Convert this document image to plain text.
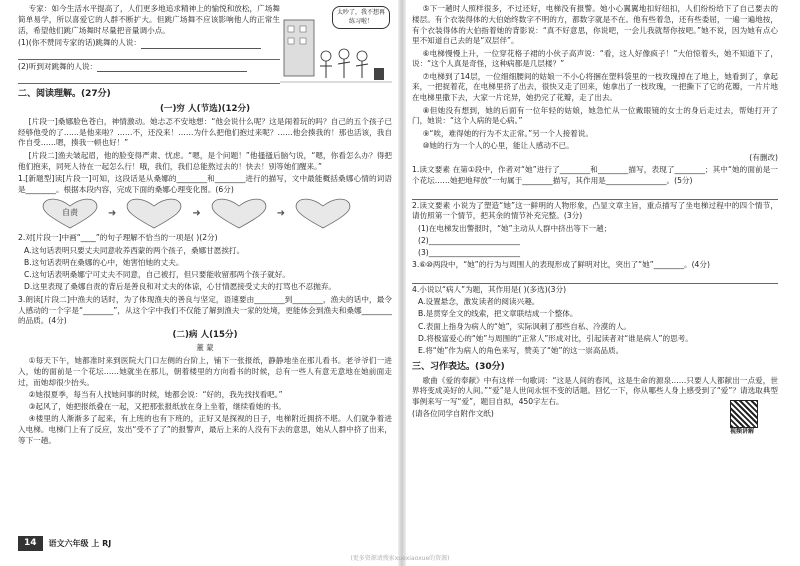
专家：如今生活水平提高了，人们更多地追求精神上的愉悦和放松，广场舞简单易学，所以喜爱它的人群不断扩大。但跳广场舞不应该影响他人的正常生活，希望他们跳广场舞时尽量把音量调小点。

(1)(你不赞同专家的话)跳舞的人说：

(2)听到对跳舞的人说：

太吵了，我不想再练习啦！
二、阅读理解。(27分)
(一)穷 人(节选)(12分)

[片段一]桑娜脸色苍白，神情激动。她忐忑不安地想：“他会说什么呢？这是闹着玩的吗？自己的五个孩子已经够他受的了……是他来啦？……不，还没来！……为什么把他们抱过来呢？……他会揍我的！那也活该，我自作自受……嗯，揍我一顿也好！”

[片段二]渔夫皱起眉，他的脸变得严肃、忧虑。“嗯，是个问题！”他搔搔后脑勺说，“嗯，你看怎么办？得把他们抱来，同死人待在一起怎么行！哦，我们，我们总能熬过去的！快去！别等她们醒来。”

1.[新题型]读[片段一]可知，这段话是从桑娜的________和________进行的描写，文中最能概括桑娜心情的词语是________。根据本段内容，完成下面的桑娜心理变化图。(6分)

自责	➜	➜	➜

2.对[片段一]中画“____”的句子理解不恰当的一项是( )(2分)

A.这句话表明只要丈夫同意收养西蒙的两个孩子，桑娜甘愿挨打。

B.这句话表明在桑娜的心中，她害怕她的丈夫。

C.这句话表明桑娜宁可丈夫不同意，自己被打，但只要能收留那两个孩子就好。

D.这里表现了桑娜自责的背后是善良和对丈夫的体谅，心甘情愿接受丈夫的打骂也不忍抛弃。

3.朗读[片段二]中渔夫的话时，为了体现渔夫的善良与坚定，语速要由________到________，渔夫的话中，最令人感动的一个字是“________”，从这个字中我们不仅能了解到渔夫一家的处境，更能体会到渔夫和桑娜________的品质。(4分)

(二)病 人(15分)
董 蒙

①每天下午，她都准时来到医院大门口左侧的台阶上，铺下一张报纸，静静地坐在那儿看书。老爷爷们一进入，她的面前是一个花坛……她就坐在那儿，朝着楼里的方向看书的时候，总有一些人有意无意地在她前面走过，而她却很少抬头。

②她很夏季，每当有人找她问事的时候，她都会说：“好的，我先找找看吧。”

③起风了，她把报纸叠在一起，又把那张报纸放在身上坐着，继续看她的书。

④楼里的人渐渐多了起来，有上班的也有下班的，正好又是探视的日子，电梯附近拥挤不堪。人们就争着进入电梯。电梯门上有了反应，发出“受不了了”的报警声，最后上来的人没有下去的意思，她从人群中挤了出来，等下一趟。

14	语文六年级 上 RJ

⑤下一趟时人照样很多，不过还好，电梯没有报警。她小心翼翼地扣好纽扣，人们纷纷给下了自己要去的楼层。有个衣装得体的大伯始终数字不明的方，都数字就是不在。他有些着急，还有些委屈，一遍一遍地按，有个衣装得体的大伯指着她的背影说：“真不好意思，你说吧，一会儿我就帮你按吧。”她不说，因为她有点心里不知道自己去的是“双层伴”。

⑥电梯慢慢上升，一位穿花格子裙的小伙子高声说：“看，这人好像疯子！”大伯惊着头，她不知道下了，说：“这个人真是奇怪，这种病都是几层楼？”

⑦电梯到了14层，一位细细腰间的姑娘一不小心将捆在塑料袋里的一枝玫瑰掉在了地上，她看到了，拿起来，一把捉着花，在电梯里挤了出去，很快又走了回来，她拿出了一枝玫瑰，一把撕下了它的花瓣，一片片地在电梯里撒下去，大家一片诧异，她扔完了花瓣，走了出去。

⑧但她没有想到，她的后面有一位年轻的姑娘，她急忙从一位戴眼镜的女士的身后走过去，帮她打开了门，她说：“这个人病的是心病。”

⑨“唉，难得她的行为不太正常。”另一个人接着说。

⑩她的行为一个人的心里，能让人感动不已。

(有删改)

1.读文要素 在第①段中，作者对“她”进行了________和________描写，表现了________；其中“她的面前是一个花坛……她把地拜放”一句属于________描写，其作用是________________。(5分)

2.读文要素 小说为了塑造“她”这一鲜明的人物形象，凸显文章主旨，重点描写了坐电梯过程中的四个情节，请仿照第一个情节，把其余的情节补充完整。(3分)

(1)在电梯发出警报时，“她”主动从人群中挤出等下一趟；

(2)________________________

(3)________________________

3.⑥⑩两段中，“她”的行为与周围人的表现形成了鲜明对比，突出了“她”________。(4分)

4.小说以“病人”为题，其作用是( )(多选)(3分)

A.设置悬念，激发读者的阅读兴趣。

B.是贯穿全文的线索，把文章联结成一个整体。

C.表面上指身为病人的“她”，实际讽刺了那些自私、冷漠的人。

D.将极富爱心的“她”与周围的“正常人”形成对比，引起读者对“谁是病人”的思考。

E.将“她”作为病人的角色来写，赞美了“她”的这一崇高品质。

三、习作表达。(30分)

歌曲《爱的奉献》中有这样一句歌词：“这是人间的春风，这是生命的源泉……只要人人都献出一点爱，世界将变成美好的人间。”“爱”是人世间永恒不变的话题。回忆一下，你从哪些人身上感受到了“爱”？请选取典型事例来写一写“爱”，题目自拟，450字左右。

(请各位同学自附作文纸)

视频讲解
(更多资源请搜索xuexiaoxue的资源)
